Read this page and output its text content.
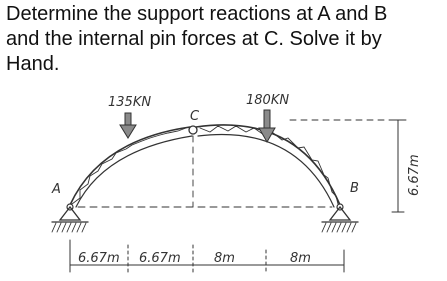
Determine the support reactions at A and B
and the internal pin forces at C. Solve it by
Hand.
135KN	180KN
A	B
C
6.67m 6.67m	8m	8m
6.67m
